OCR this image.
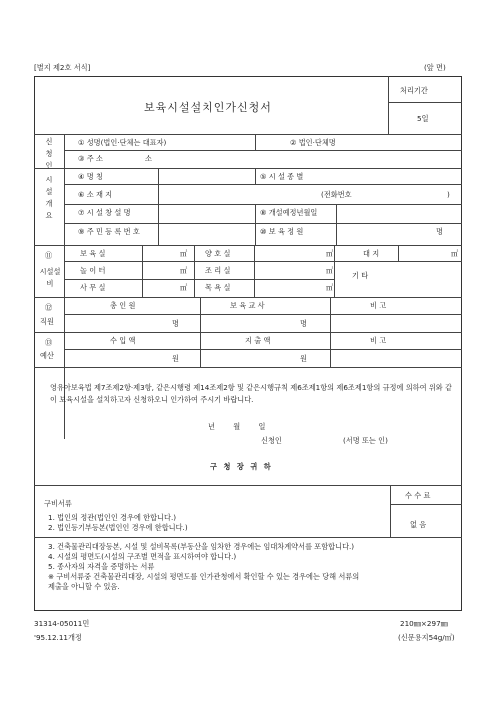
[별지 제2호 서식]	(앞 면)
보육시설설치인가신청서
처리기간
5일
신청인
① 성명(법인·단체는 대표자)	② 법인·단체명
③ 주 소	소
시설개요
④ 명 칭	⑤ 시 설 종 별
⑥ 소 재 지	(전화번호	)
⑦ 시 설 창 설 명	⑧ 개설예정년월일
⑨ 주 민 등 록 번 호	⑩ 보 육 정 원	명
⑪
시설설비
보 육 실	㎡ 양 호 실	㎡	대 지	㎡
놀 이 터	㎡ 조 리 실	㎡
기 타
사 무 실	㎡ 목 욕 실	㎡
⑫
직원
총 인 원	보 육 교 사	비 고
명	명
⑬
예산
수 입 액	지 출 액	비 고
원	원
영유아보육법 제7조제2항·제3항, 같은시행령 제14조제2항 및 같은시행규칙 제6조제1항의 제6조제1항의 규정에 의하여 위와 같이 보육시설을 설치하고자 신청하오니 인가하여 주시기 바랍니다.
년 월 일
신청인	(서명 또는 인)
구 청 장 귀 하
구비서류
수 수 료
없 음
1. 법인의 정관(법인인 경우에 한합니다.)
2. 법인등기부등본(법인인 경우에 한합니다.)
3. 건축물관리대장등본, 시설 및 설비목록(부동산을 임차한 경우에는 임대차계약서를 포함합니다.)
4. 시설의 평면도(시설의 구조별 면적을 표시하여야 합니다.)
5. 종사자의 자격을 증명하는 서류
※ 구비서류중 건축물관리대장, 시설의 평면도를 인가관청에서 확인할 수 있는 경우에는 당해 서류의
제출을 아니할 수 있음.
31314-05011민
'95.12.11개정
210㎜×297㎜
(신문용지54g/㎡)
